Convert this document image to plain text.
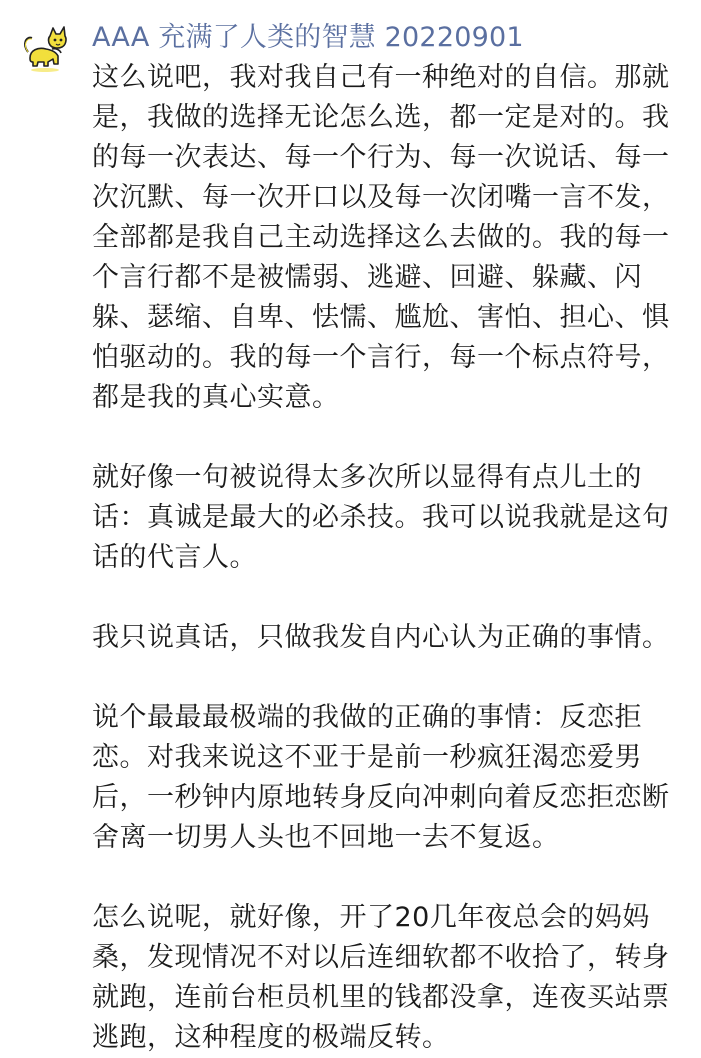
AAA 充满了人类的智慧 20220901

这么说吧，我对我自己有一种绝对的自信。那就是，我做的选择无论怎么选，都一定是对的。我的每一次表达、每一个行为、每一次说话、每一次沉默、每一次开口以及每一次闭嘴一言不发，全部都是我自己主动选择这么去做的。我的每一个言行都不是被懦弱、逃避、回避、躲藏、闪躲、瑟缩、自卑、怯懦、尴尬、害怕、担心、惧怕驱动的。我的每一个言行，每一个标点符号，都是我的真心实意。

就好像一句被说得太多次所以显得有点儿土的话：真诚是最大的必杀技。我可以说我就是这句话的代言人。

我只说真话，只做我发自内心认为正确的事情。

说个最最最极端的我做的正确的事情：反恋拒恋。对我来说这不亚于是前一秒疯狂渴恋爱男后，一秒钟内原地转身反向冲刺向着反恋拒恋断舍离一切男人头也不回地一去不复返。

怎么说呢，就好像，开了20几年夜总会的妈妈桑，发现情况不对以后连细软都不收拾了，转身就跑，连前台柜员机里的钱都没拿，连夜买站票逃跑，这种程度的极端反转。
